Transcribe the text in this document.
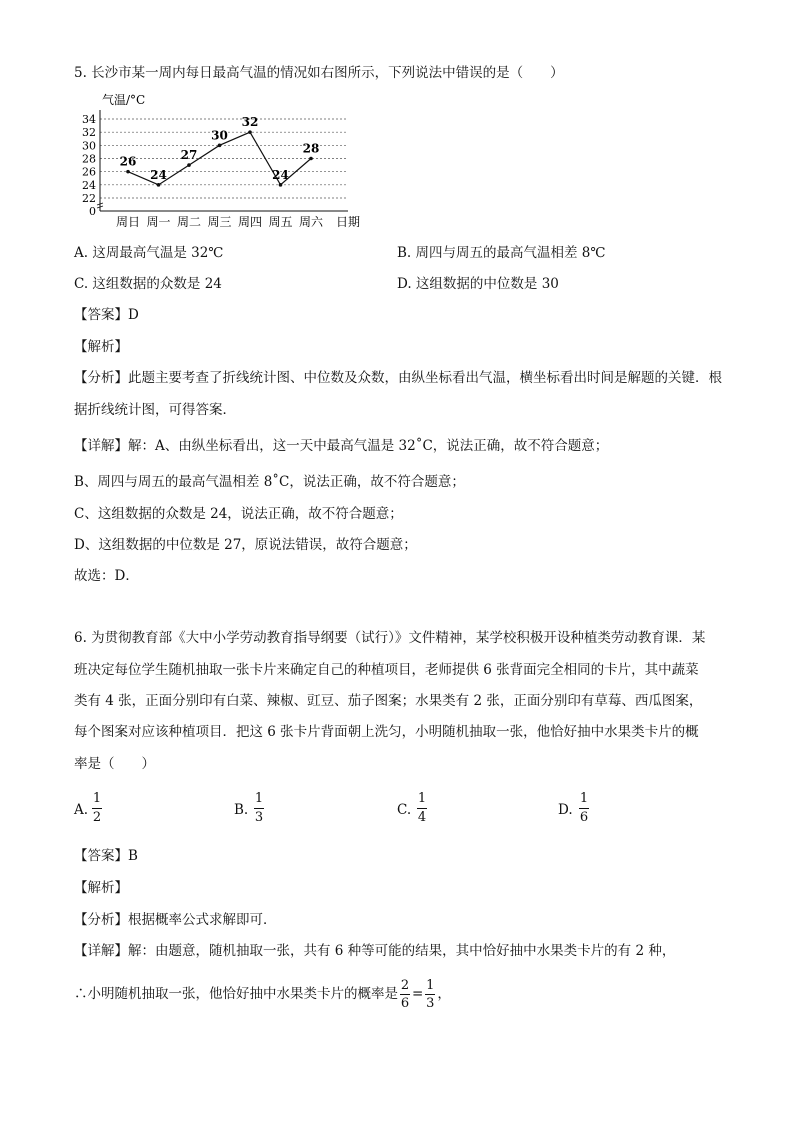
5. 长沙市某一周内每日最高气温的情况如右图所示，下列说法中错误的是（　　）
0
22
24
26
28
30
32
34
26
24
27
30
32
24
28
周日 周一 周二 周三 周四 周五 周六
气温/°C
日期
A. 这周最高气温是 32℃	B. 周四与周五的最高气温相差 8℃
C. 这组数据的众数是 24	D. 这组数据的中位数是 30
【答案】D
【解析】
【分析】此题主要考查了折线统计图、中位数及众数，由纵坐标看出气温，横坐标看出时间是解题的关键．根
据折线统计图，可得答案．
【详解】解：A、由纵坐标看出，这一天中最高气温是 32˚C，说法正确，故不符合题意；
B、周四与周五的最高气温相差 8˚C，说法正确，故不符合题意；
C、这组数据的众数是 24，说法正确，故不符合题意；
D、这组数据的中位数是 27，原说法错误，故符合题意；
故选：D．
6. 为贯彻教育部《大中小学劳动教育指导纲要（试行）》文件精神，某学校积极开设种植类劳动教育课．某
班决定每位学生随机抽取一张卡片来确定自己的种植项目，老师提供 6 张背面完全相同的卡片，其中蔬菜
类有 4 张，正面分别印有白菜、辣椒、豇豆、茄子图案；水果类有 2 张，正面分别印有草莓、西瓜图案，
每个图案对应该种植项目．把这 6 张卡片背面朝上洗匀，小明随机抽取一张，他恰好抽中水果类卡片的概
率是（　　）
A.
1
2	B.
1
3	C.
1
4	D.
1
6
【答案】B
【解析】
【分析】根据概率公式求解即可．
【详解】解：由题意，随机抽取一张，共有 6 种等可能的结果，其中恰好抽中水果类卡片的有 2 种，
∴小明随机抽取一张，他恰好抽中水果类卡片的概率是 $\frac{2}{6} = \frac{1}{3}$ ，
